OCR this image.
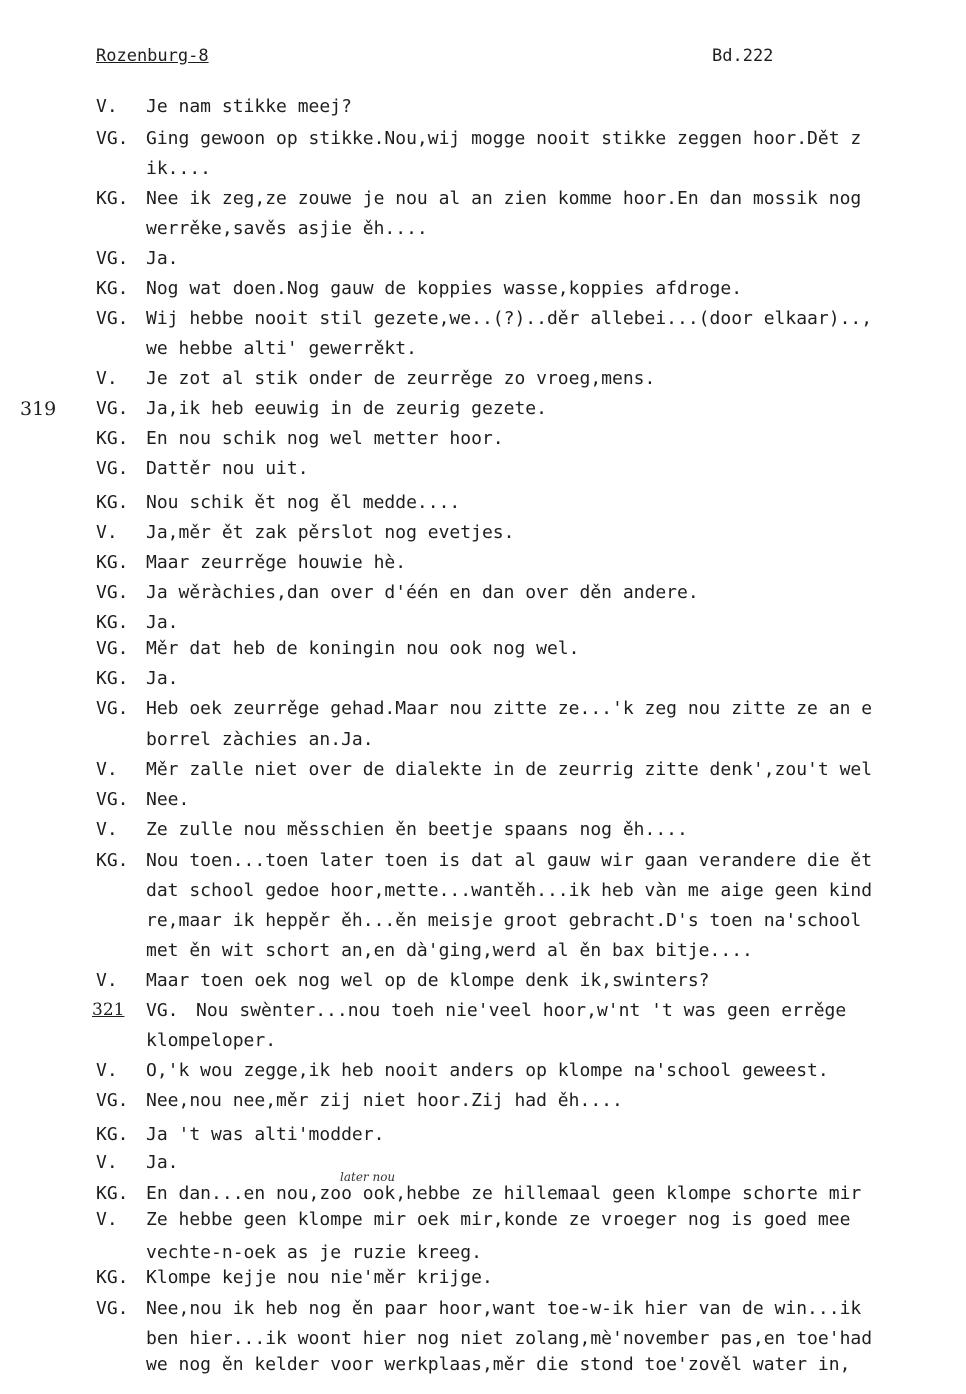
Rozenburg-8	Bd.222
319
321
later nou
V.	Je nam stikke meej?
VG. Ging gewoon op stikke.Nou,wij mogge nooit stikke zeggen hoor.Dět z
ik....
KG. Nee ik zeg,ze zouwe je nou al an zien komme hoor.En dan mossik nog
werrěke,savěs asjie ěh....
VG. Ja.
KG. Nog wat doen.Nog gauw de koppies wasse,koppies afdroge.
VG. Wij hebbe nooit stil gezete,we..(?)..děr allebei...(door elkaar)..,
we hebbe alti' gewerrěkt.
V.	Je zot al stik onder de zeurrěge zo vroeg,mens.
VG. Ja,ik heb eeuwig in de zeurig gezete.
KG. En nou schik nog wel metter hoor.
VG. Dattěr nou uit.
KG. Nou schik ět nog ěl medde....
V.	Ja,měr ět zak pěrslot nog evetjes.
KG. Maar zeurrěge houwie hè.
VG. Ja wěràchies,dan over d'één en dan over děn andere.
KG. Ja.
VG. Měr dat heb de koningin nou ook nog wel.
KG. Ja.
VG. Heb oek zeurrěge gehad.Maar nou zitte ze...'k zeg nou zitte ze an e
borrel zàchies an.Ja.
V.	Měr zalle niet over de dialekte in de zeurrig zitte denk',zou't wel
VG. Nee.
V.	Ze zulle nou měsschien ěn beetje spaans nog ěh....
KG. Nou toen...toen later toen is dat al gauw wir gaan verandere die ět
dat school gedoe hoor,mette...wantěh...ik heb vàn me aige geen kind
re,maar ik heppěr ěh...ěn meisje groot gebracht.D's toen na'school
met ěn wit schort an,en dà'ging,werd al ěn bax bitje....
V.	Maar toen oek nog wel op de klompe denk ik,swinters?
VG. Nou swènter...nou toeh nie'veel hoor,w'nt 't was geen errěge
klompeloper.
V.	O,'k wou zegge,ik heb nooit anders op klompe na'school geweest.
VG. Nee,nou nee,měr zij niet hoor.Zij had ěh....
KG. Ja 't was alti'modder.
V.	Ja.
KG. En dan...en nou,zoo ook,hebbe ze hillemaal geen klompe schorte mir
V.	Ze hebbe geen klompe mir oek mir,konde ze vroeger nog is goed mee
vechte-n-oek as je ruzie kreeg.
KG. Klompe kejje nou nie'měr krijge.
VG. Nee,nou ik heb nog ěn paar hoor,want toe-w-ik hier van de win...ik
ben hier...ik woont hier nog niet zolang,mè'november pas,en toe'had
we nog ěn kelder voor werkplaas,měr die stond toe'zověl water in,
